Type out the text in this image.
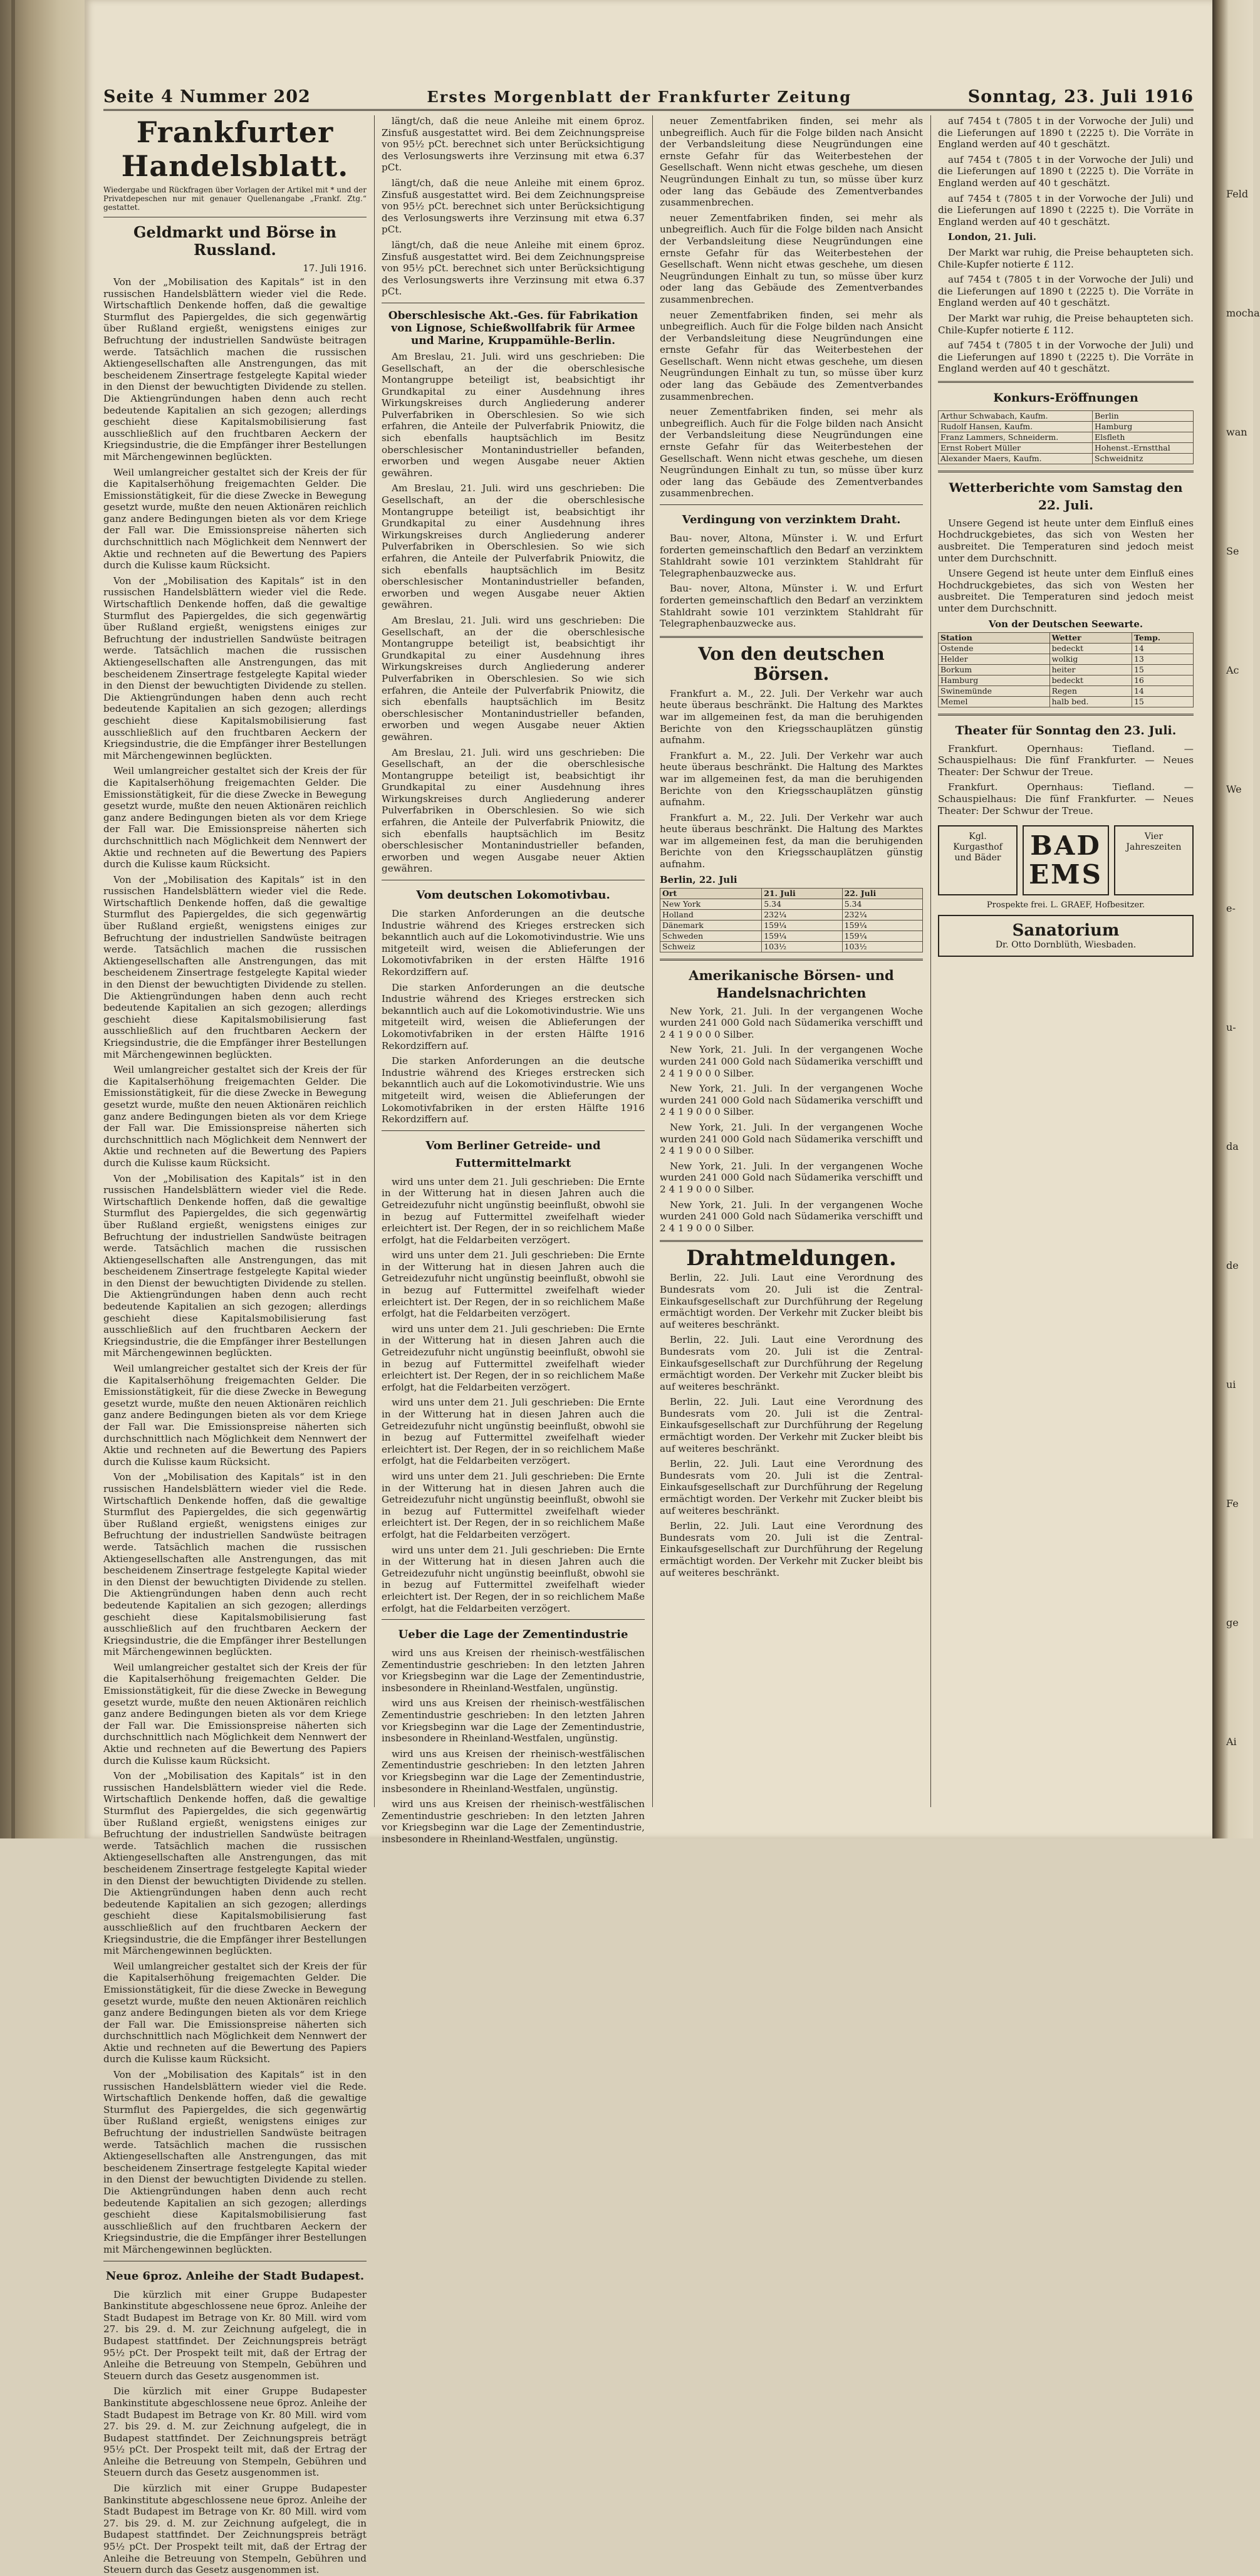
Seite 4 Nummer 202	Erstes Morgenblatt der Frankfurter Zeitung	Sonntag, 23. Juli 1916
Frankfurter Handelsblatt.
Wiedergabe und Rückfragen über Vorlagen der Artikel mit * und der Privatdepeschen nur mit genauer Quellenangabe „Frankf. Ztg.“ gestattet.
Geldmarkt und Börse in Russland.
17. Juli 1916.

Von der „Mobilisation des Kapitals“ ist in den russischen Handelsblättern wieder viel die Rede. Wirtschaftlich Denkende hoffen, daß die gewaltige Sturmflut des Papiergeldes, die sich gegenwärtig über Rußland ergießt, wenigstens einiges zur Befruchtung der industriellen Sandwüste beitragen werde. Tatsächlich machen die russischen Aktiengesellschaften alle Anstrengungen, das mit bescheidenem Zinsertrage festgelegte Kapital wieder in den Dienst der bewuchtigten Dividende zu stellen. Die Aktiengründungen haben denn auch recht bedeutende Kapitalien an sich gezogen; allerdings geschieht diese Kapitalsmobilisierung fast ausschließlich auf den fruchtbaren Aeckern der Kriegsindustrie, die die Empfänger ihrer Bestellungen mit Märchengewinnen beglückten.

Weil umlangreicher gestaltet sich der Kreis der für die Kapitalserhöhung freigemachten Gelder. Die Emissionstätigkeit, für die diese Zwecke in Bewegung gesetzt wurde, mußte den neuen Aktionären reichlich ganz andere Bedingungen bieten als vor dem Kriege der Fall war. Die Emissionspreise näherten sich durchschnittlich nach Möglichkeit dem Nennwert der Aktie und rechneten auf die Bewertung des Papiers durch die Kulisse kaum Rücksicht.

Von der „Mobilisation des Kapitals“ ist in den russischen Handelsblättern wieder viel die Rede. Wirtschaftlich Denkende hoffen, daß die gewaltige Sturmflut des Papiergeldes, die sich gegenwärtig über Rußland ergießt, wenigstens einiges zur Befruchtung der industriellen Sandwüste beitragen werde. Tatsächlich machen die russischen Aktiengesellschaften alle Anstrengungen, das mit bescheidenem Zinsertrage festgelegte Kapital wieder in den Dienst der bewuchtigten Dividende zu stellen. Die Aktiengründungen haben denn auch recht bedeutende Kapitalien an sich gezogen; allerdings geschieht diese Kapitalsmobilisierung fast ausschließlich auf den fruchtbaren Aeckern der Kriegsindustrie, die die Empfänger ihrer Bestellungen mit Märchengewinnen beglückten.

Weil umlangreicher gestaltet sich der Kreis der für die Kapitalserhöhung freigemachten Gelder. Die Emissionstätigkeit, für die diese Zwecke in Bewegung gesetzt wurde, mußte den neuen Aktionären reichlich ganz andere Bedingungen bieten als vor dem Kriege der Fall war. Die Emissionspreise näherten sich durchschnittlich nach Möglichkeit dem Nennwert der Aktie und rechneten auf die Bewertung des Papiers durch die Kulisse kaum Rücksicht.

Von der „Mobilisation des Kapitals“ ist in den russischen Handelsblättern wieder viel die Rede. Wirtschaftlich Denkende hoffen, daß die gewaltige Sturmflut des Papiergeldes, die sich gegenwärtig über Rußland ergießt, wenigstens einiges zur Befruchtung der industriellen Sandwüste beitragen werde. Tatsächlich machen die russischen Aktiengesellschaften alle Anstrengungen, das mit bescheidenem Zinsertrage festgelegte Kapital wieder in den Dienst der bewuchtigten Dividende zu stellen. Die Aktiengründungen haben denn auch recht bedeutende Kapitalien an sich gezogen; allerdings geschieht diese Kapitalsmobilisierung fast ausschließlich auf den fruchtbaren Aeckern der Kriegsindustrie, die die Empfänger ihrer Bestellungen mit Märchengewinnen beglückten.

Weil umlangreicher gestaltet sich der Kreis der für die Kapitalserhöhung freigemachten Gelder. Die Emissionstätigkeit, für die diese Zwecke in Bewegung gesetzt wurde, mußte den neuen Aktionären reichlich ganz andere Bedingungen bieten als vor dem Kriege der Fall war. Die Emissionspreise näherten sich durchschnittlich nach Möglichkeit dem Nennwert der Aktie und rechneten auf die Bewertung des Papiers durch die Kulisse kaum Rücksicht.

Von der „Mobilisation des Kapitals“ ist in den russischen Handelsblättern wieder viel die Rede. Wirtschaftlich Denkende hoffen, daß die gewaltige Sturmflut des Papiergeldes, die sich gegenwärtig über Rußland ergießt, wenigstens einiges zur Befruchtung der industriellen Sandwüste beitragen werde. Tatsächlich machen die russischen Aktiengesellschaften alle Anstrengungen, das mit bescheidenem Zinsertrage festgelegte Kapital wieder in den Dienst der bewuchtigten Dividende zu stellen. Die Aktiengründungen haben denn auch recht bedeutende Kapitalien an sich gezogen; allerdings geschieht diese Kapitalsmobilisierung fast ausschließlich auf den fruchtbaren Aeckern der Kriegsindustrie, die die Empfänger ihrer Bestellungen mit Märchengewinnen beglückten.

Weil umlangreicher gestaltet sich der Kreis der für die Kapitalserhöhung freigemachten Gelder. Die Emissionstätigkeit, für die diese Zwecke in Bewegung gesetzt wurde, mußte den neuen Aktionären reichlich ganz andere Bedingungen bieten als vor dem Kriege der Fall war. Die Emissionspreise näherten sich durchschnittlich nach Möglichkeit dem Nennwert der Aktie und rechneten auf die Bewertung des Papiers durch die Kulisse kaum Rücksicht.

Von der „Mobilisation des Kapitals“ ist in den russischen Handelsblättern wieder viel die Rede. Wirtschaftlich Denkende hoffen, daß die gewaltige Sturmflut des Papiergeldes, die sich gegenwärtig über Rußland ergießt, wenigstens einiges zur Befruchtung der industriellen Sandwüste beitragen werde. Tatsächlich machen die russischen Aktiengesellschaften alle Anstrengungen, das mit bescheidenem Zinsertrage festgelegte Kapital wieder in den Dienst der bewuchtigten Dividende zu stellen. Die Aktiengründungen haben denn auch recht bedeutende Kapitalien an sich gezogen; allerdings geschieht diese Kapitalsmobilisierung fast ausschließlich auf den fruchtbaren Aeckern der Kriegsindustrie, die die Empfänger ihrer Bestellungen mit Märchengewinnen beglückten.

Weil umlangreicher gestaltet sich der Kreis der für die Kapitalserhöhung freigemachten Gelder. Die Emissionstätigkeit, für die diese Zwecke in Bewegung gesetzt wurde, mußte den neuen Aktionären reichlich ganz andere Bedingungen bieten als vor dem Kriege der Fall war. Die Emissionspreise näherten sich durchschnittlich nach Möglichkeit dem Nennwert der Aktie und rechneten auf die Bewertung des Papiers durch die Kulisse kaum Rücksicht.

Von der „Mobilisation des Kapitals“ ist in den russischen Handelsblättern wieder viel die Rede. Wirtschaftlich Denkende hoffen, daß die gewaltige Sturmflut des Papiergeldes, die sich gegenwärtig über Rußland ergießt, wenigstens einiges zur Befruchtung der industriellen Sandwüste beitragen werde. Tatsächlich machen die russischen Aktiengesellschaften alle Anstrengungen, das mit bescheidenem Zinsertrage festgelegte Kapital wieder in den Dienst der bewuchtigten Dividende zu stellen. Die Aktiengründungen haben denn auch recht bedeutende Kapitalien an sich gezogen; allerdings geschieht diese Kapitalsmobilisierung fast ausschließlich auf den fruchtbaren Aeckern der Kriegsindustrie, die die Empfänger ihrer Bestellungen mit Märchengewinnen beglückten.

Weil umlangreicher gestaltet sich der Kreis der für die Kapitalserhöhung freigemachten Gelder. Die Emissionstätigkeit, für die diese Zwecke in Bewegung gesetzt wurde, mußte den neuen Aktionären reichlich ganz andere Bedingungen bieten als vor dem Kriege der Fall war. Die Emissionspreise näherten sich durchschnittlich nach Möglichkeit dem Nennwert der Aktie und rechneten auf die Bewertung des Papiers durch die Kulisse kaum Rücksicht.

Von der „Mobilisation des Kapitals“ ist in den russischen Handelsblättern wieder viel die Rede. Wirtschaftlich Denkende hoffen, daß die gewaltige Sturmflut des Papiergeldes, die sich gegenwärtig über Rußland ergießt, wenigstens einiges zur Befruchtung der industriellen Sandwüste beitragen werde. Tatsächlich machen die russischen Aktiengesellschaften alle Anstrengungen, das mit bescheidenem Zinsertrage festgelegte Kapital wieder in den Dienst der bewuchtigten Dividende zu stellen. Die Aktiengründungen haben denn auch recht bedeutende Kapitalien an sich gezogen; allerdings geschieht diese Kapitalsmobilisierung fast ausschließlich auf den fruchtbaren Aeckern der Kriegsindustrie, die die Empfänger ihrer Bestellungen mit Märchengewinnen beglückten.

Neue 6proz. Anleihe der Stadt Budapest.

Die kürzlich mit einer Gruppe Budapester Bankinstitute abgeschlossene neue 6proz. Anleihe der Stadt Budapest im Betrage von Kr. 80 Mill. wird vom 27. bis 29. d. M. zur Zeichnung aufgelegt, die in Budapest stattfindet. Der Zeichnungspreis beträgt 95½ pCt. Der Prospekt teilt mit, daß der Ertrag der Anleihe die Betreuung von Stempeln, Gebühren und Steuern durch das Gesetz ausgenommen ist.

Die kürzlich mit einer Gruppe Budapester Bankinstitute abgeschlossene neue 6proz. Anleihe der Stadt Budapest im Betrage von Kr. 80 Mill. wird vom 27. bis 29. d. M. zur Zeichnung aufgelegt, die in Budapest stattfindet. Der Zeichnungspreis beträgt 95½ pCt. Der Prospekt teilt mit, daß der Ertrag der Anleihe die Betreuung von Stempeln, Gebühren und Steuern durch das Gesetz ausgenommen ist.

Die kürzlich mit einer Gruppe Budapester Bankinstitute abgeschlossene neue 6proz. Anleihe der Stadt Budapest im Betrage von Kr. 80 Mill. wird vom 27. bis 29. d. M. zur Zeichnung aufgelegt, die in Budapest stattfindet. Der Zeichnungspreis beträgt 95½ pCt. Der Prospekt teilt mit, daß der Ertrag der Anleihe die Betreuung von Stempeln, Gebühren und Steuern durch das Gesetz ausgenommen ist.

längt/ch, daß die neue Anleihe mit einem 6proz. Zinsfuß ausgestattet wird. Bei dem Zeichnungspreise von 95½ pCt. berechnet sich unter Berücksichtigung des Verlosungswerts ihre Verzinsung mit etwa 6.37 pCt.

längt/ch, daß die neue Anleihe mit einem 6proz. Zinsfuß ausgestattet wird. Bei dem Zeichnungspreise von 95½ pCt. berechnet sich unter Berücksichtigung des Verlosungswerts ihre Verzinsung mit etwa 6.37 pCt.

längt/ch, daß die neue Anleihe mit einem 6proz. Zinsfuß ausgestattet wird. Bei dem Zeichnungspreise von 95½ pCt. berechnet sich unter Berücksichtigung des Verlosungswerts ihre Verzinsung mit etwa 6.37 pCt.

Oberschlesische Akt.-Ges. für Fabrikation von Lignose, Schießwollfabrik für Armee und Marine, Kruppamühle-Berlin.

Am Breslau, 21. Juli. wird uns geschrieben: Die Gesellschaft, an der die oberschlesische Montangruppe beteiligt ist, beabsichtigt ihr Grundkapital zu einer Ausdehnung ihres Wirkungskreises durch Angliederung anderer Pulverfabriken in Oberschlesien. So wie sich erfahren, die Anteile der Pulverfabrik Pniowitz, die sich ebenfalls hauptsächlich im Besitz oberschlesischer Montanindustrieller befanden, erworben und wegen Ausgabe neuer Aktien gewähren.

Am Breslau, 21. Juli. wird uns geschrieben: Die Gesellschaft, an der die oberschlesische Montangruppe beteiligt ist, beabsichtigt ihr Grundkapital zu einer Ausdehnung ihres Wirkungskreises durch Angliederung anderer Pulverfabriken in Oberschlesien. So wie sich erfahren, die Anteile der Pulverfabrik Pniowitz, die sich ebenfalls hauptsächlich im Besitz oberschlesischer Montanindustrieller befanden, erworben und wegen Ausgabe neuer Aktien gewähren.

Am Breslau, 21. Juli. wird uns geschrieben: Die Gesellschaft, an der die oberschlesische Montangruppe beteiligt ist, beabsichtigt ihr Grundkapital zu einer Ausdehnung ihres Wirkungskreises durch Angliederung anderer Pulverfabriken in Oberschlesien. So wie sich erfahren, die Anteile der Pulverfabrik Pniowitz, die sich ebenfalls hauptsächlich im Besitz oberschlesischer Montanindustrieller befanden, erworben und wegen Ausgabe neuer Aktien gewähren.

Am Breslau, 21. Juli. wird uns geschrieben: Die Gesellschaft, an der die oberschlesische Montangruppe beteiligt ist, beabsichtigt ihr Grundkapital zu einer Ausdehnung ihres Wirkungskreises durch Angliederung anderer Pulverfabriken in Oberschlesien. So wie sich erfahren, die Anteile der Pulverfabrik Pniowitz, die sich ebenfalls hauptsächlich im Besitz oberschlesischer Montanindustrieller befanden, erworben und wegen Ausgabe neuer Aktien gewähren.

Vom deutschen Lokomotivbau.

Die starken Anforderungen an die deutsche Industrie während des Krieges erstrecken sich bekanntlich auch auf die Lokomotivindustrie. Wie uns mitgeteilt wird, weisen die Ablieferungen der Lokomotivfabriken in der ersten Hälfte 1916 Rekordziffern auf.

Die starken Anforderungen an die deutsche Industrie während des Krieges erstrecken sich bekanntlich auch auf die Lokomotivindustrie. Wie uns mitgeteilt wird, weisen die Ablieferungen der Lokomotivfabriken in der ersten Hälfte 1916 Rekordziffern auf.

Die starken Anforderungen an die deutsche Industrie während des Krieges erstrecken sich bekanntlich auch auf die Lokomotivindustrie. Wie uns mitgeteilt wird, weisen die Ablieferungen der Lokomotivfabriken in der ersten Hälfte 1916 Rekordziffern auf.

Vom Berliner Getreide- und Futtermittelmarkt

wird uns unter dem 21. Juli geschrieben: Die Ernte in der Witterung hat in diesen Jahren auch die Getreidezufuhr nicht ungünstig beeinflußt, obwohl sie in bezug auf Futtermittel zweifelhaft wieder erleichtert ist. Der Regen, der in so reichlichem Maße erfolgt, hat die Feldarbeiten verzögert.

wird uns unter dem 21. Juli geschrieben: Die Ernte in der Witterung hat in diesen Jahren auch die Getreidezufuhr nicht ungünstig beeinflußt, obwohl sie in bezug auf Futtermittel zweifelhaft wieder erleichtert ist. Der Regen, der in so reichlichem Maße erfolgt, hat die Feldarbeiten verzögert.

wird uns unter dem 21. Juli geschrieben: Die Ernte in der Witterung hat in diesen Jahren auch die Getreidezufuhr nicht ungünstig beeinflußt, obwohl sie in bezug auf Futtermittel zweifelhaft wieder erleichtert ist. Der Regen, der in so reichlichem Maße erfolgt, hat die Feldarbeiten verzögert.

wird uns unter dem 21. Juli geschrieben: Die Ernte in der Witterung hat in diesen Jahren auch die Getreidezufuhr nicht ungünstig beeinflußt, obwohl sie in bezug auf Futtermittel zweifelhaft wieder erleichtert ist. Der Regen, der in so reichlichem Maße erfolgt, hat die Feldarbeiten verzögert.

wird uns unter dem 21. Juli geschrieben: Die Ernte in der Witterung hat in diesen Jahren auch die Getreidezufuhr nicht ungünstig beeinflußt, obwohl sie in bezug auf Futtermittel zweifelhaft wieder erleichtert ist. Der Regen, der in so reichlichem Maße erfolgt, hat die Feldarbeiten verzögert.

wird uns unter dem 21. Juli geschrieben: Die Ernte in der Witterung hat in diesen Jahren auch die Getreidezufuhr nicht ungünstig beeinflußt, obwohl sie in bezug auf Futtermittel zweifelhaft wieder erleichtert ist. Der Regen, der in so reichlichem Maße erfolgt, hat die Feldarbeiten verzögert.

Ueber die Lage der Zementindustrie

wird uns aus Kreisen der rheinisch-westfälischen Zementindustrie geschrieben: In den letzten Jahren vor Kriegsbeginn war die Lage der Zementindustrie, insbesondere in Rheinland-Westfalen, ungünstig.

wird uns aus Kreisen der rheinisch-westfälischen Zementindustrie geschrieben: In den letzten Jahren vor Kriegsbeginn war die Lage der Zementindustrie, insbesondere in Rheinland-Westfalen, ungünstig.

wird uns aus Kreisen der rheinisch-westfälischen Zementindustrie geschrieben: In den letzten Jahren vor Kriegsbeginn war die Lage der Zementindustrie, insbesondere in Rheinland-Westfalen, ungünstig.

wird uns aus Kreisen der rheinisch-westfälischen Zementindustrie geschrieben: In den letzten Jahren vor Kriegsbeginn war die Lage der Zementindustrie, insbesondere in Rheinland-Westfalen, ungünstig.

neuer Zementfabriken finden, sei mehr als unbegreiflich. Auch für die Folge bilden nach Ansicht der Verbandsleitung diese Neugründungen eine ernste Gefahr für das Weiterbestehen der Gesellschaft. Wenn nicht etwas geschehe, um diesen Neugründungen Einhalt zu tun, so müsse über kurz oder lang das Gebäude des Zementverbandes zusammenbrechen.

neuer Zementfabriken finden, sei mehr als unbegreiflich. Auch für die Folge bilden nach Ansicht der Verbandsleitung diese Neugründungen eine ernste Gefahr für das Weiterbestehen der Gesellschaft. Wenn nicht etwas geschehe, um diesen Neugründungen Einhalt zu tun, so müsse über kurz oder lang das Gebäude des Zementverbandes zusammenbrechen.

neuer Zementfabriken finden, sei mehr als unbegreiflich. Auch für die Folge bilden nach Ansicht der Verbandsleitung diese Neugründungen eine ernste Gefahr für das Weiterbestehen der Gesellschaft. Wenn nicht etwas geschehe, um diesen Neugründungen Einhalt zu tun, so müsse über kurz oder lang das Gebäude des Zementverbandes zusammenbrechen.

neuer Zementfabriken finden, sei mehr als unbegreiflich. Auch für die Folge bilden nach Ansicht der Verbandsleitung diese Neugründungen eine ernste Gefahr für das Weiterbestehen der Gesellschaft. Wenn nicht etwas geschehe, um diesen Neugründungen Einhalt zu tun, so müsse über kurz oder lang das Gebäude des Zementverbandes zusammenbrechen.

Verdingung von verzinktem Draht.

Bau- nover, Altona, Münster i. W. und Erfurt forderten gemeinschaftlich den Bedarf an verzinktem Stahldraht sowie 101 verzinktem Stahldraht für Telegraphenbauzwecke aus.

Bau- nover, Altona, Münster i. W. und Erfurt forderten gemeinschaftlich den Bedarf an verzinktem Stahldraht sowie 101 verzinktem Stahldraht für Telegraphenbauzwecke aus.

Von den deutschen Börsen.

Frankfurt a. M., 22. Juli. Der Verkehr war auch heute überaus beschränkt. Die Haltung des Marktes war im allgemeinen fest, da man die beruhigenden Berichte von den Kriegsschauplätzen günstig aufnahm.

Frankfurt a. M., 22. Juli. Der Verkehr war auch heute überaus beschränkt. Die Haltung des Marktes war im allgemeinen fest, da man die beruhigenden Berichte von den Kriegsschauplätzen günstig aufnahm.

Frankfurt a. M., 22. Juli. Der Verkehr war auch heute überaus beschränkt. Die Haltung des Marktes war im allgemeinen fest, da man die beruhigenden Berichte von den Kriegsschauplätzen günstig aufnahm.

Berlin, 22. Juli
Ort	21. Juli	22. Juli
New York	5.34	5.34
Holland	232¼	232¼
Dänemark	159¼	159¼
Schweden	159¼	159¼
Schweiz	103½	103½
Amerikanische Börsen- und Handelsnachrichten

New York, 21. Juli. In der vergangenen Woche wurden 241 000 Gold nach Südamerika verschifft und 2 4 1 9 0 0 0 Silber.

New York, 21. Juli. In der vergangenen Woche wurden 241 000 Gold nach Südamerika verschifft und 2 4 1 9 0 0 0 Silber.

New York, 21. Juli. In der vergangenen Woche wurden 241 000 Gold nach Südamerika verschifft und 2 4 1 9 0 0 0 Silber.

New York, 21. Juli. In der vergangenen Woche wurden 241 000 Gold nach Südamerika verschifft und 2 4 1 9 0 0 0 Silber.

New York, 21. Juli. In der vergangenen Woche wurden 241 000 Gold nach Südamerika verschifft und 2 4 1 9 0 0 0 Silber.

New York, 21. Juli. In der vergangenen Woche wurden 241 000 Gold nach Südamerika verschifft und 2 4 1 9 0 0 0 Silber.

Drahtmeldungen.

Berlin, 22. Juli. Laut eine Verordnung des Bundesrats vom 20. Juli ist die Zentral-Einkaufsgesellschaft zur Durchführung der Regelung ermächtigt worden. Der Verkehr mit Zucker bleibt bis auf weiteres beschränkt.

Berlin, 22. Juli. Laut eine Verordnung des Bundesrats vom 20. Juli ist die Zentral-Einkaufsgesellschaft zur Durchführung der Regelung ermächtigt worden. Der Verkehr mit Zucker bleibt bis auf weiteres beschränkt.

Berlin, 22. Juli. Laut eine Verordnung des Bundesrats vom 20. Juli ist die Zentral-Einkaufsgesellschaft zur Durchführung der Regelung ermächtigt worden. Der Verkehr mit Zucker bleibt bis auf weiteres beschränkt.

Berlin, 22. Juli. Laut eine Verordnung des Bundesrats vom 20. Juli ist die Zentral-Einkaufsgesellschaft zur Durchführung der Regelung ermächtigt worden. Der Verkehr mit Zucker bleibt bis auf weiteres beschränkt.

Berlin, 22. Juli. Laut eine Verordnung des Bundesrats vom 20. Juli ist die Zentral-Einkaufsgesellschaft zur Durchführung der Regelung ermächtigt worden. Der Verkehr mit Zucker bleibt bis auf weiteres beschränkt.

auf 7454 t (7805 t in der Vorwoche der Juli) und die Lieferungen auf 1890 t (2225 t). Die Vorräte in England werden auf 40 t geschätzt.

auf 7454 t (7805 t in der Vorwoche der Juli) und die Lieferungen auf 1890 t (2225 t). Die Vorräte in England werden auf 40 t geschätzt.

auf 7454 t (7805 t in der Vorwoche der Juli) und die Lieferungen auf 1890 t (2225 t). Die Vorräte in England werden auf 40 t geschätzt.

London, 21. Juli.

Der Markt war ruhig, die Preise behaupteten sich. Chile-Kupfer notierte £ 112.

auf 7454 t (7805 t in der Vorwoche der Juli) und die Lieferungen auf 1890 t (2225 t). Die Vorräte in England werden auf 40 t geschätzt.

Der Markt war ruhig, die Preise behaupteten sich. Chile-Kupfer notierte £ 112.

auf 7454 t (7805 t in der Vorwoche der Juli) und die Lieferungen auf 1890 t (2225 t). Die Vorräte in England werden auf 40 t geschätzt.

Konkurs-Eröffnungen
Arthur Schwabach, Kaufm.	Berlin
Rudolf Hansen, Kaufm.	Hamburg
Franz Lammers, Schneiderm.	Elsfleth
Ernst Robert Müller	Hohenst.-Ernstthal
Alexander Maers, Kaufm.	Schweidnitz
Wetterberichte vom Samstag den 22. Juli.

Unsere Gegend ist heute unter dem Einfluß eines Hochdruckgebietes, das sich von Westen her ausbreitet. Die Temperaturen sind jedoch meist unter dem Durchschnitt.

Unsere Gegend ist heute unter dem Einfluß eines Hochdruckgebietes, das sich von Westen her ausbreitet. Die Temperaturen sind jedoch meist unter dem Durchschnitt.

Von der Deutschen Seewarte.
Station	Wetter	Temp.
Ostende	bedeckt	14
Helder	wolkig	13
Borkum	heiter	15
Hamburg	bedeckt	16
Swinemünde	Regen	14
Memel	halb bed.	15
Theater für Sonntag den 23. Juli.

Frankfurt. Opernhaus: Tiefland. — Schauspielhaus: Die fünf Frankfurter. — Neues Theater: Der Schwur der Treue.

Frankfurt. Opernhaus: Tiefland. — Schauspielhaus: Die fünf Frankfurter. — Neues Theater: Der Schwur der Treue.

Kgl. Kurgasthof und Bäder	BAD EMS
Vier Jahreszeiten
Prospekte frei. L. GRAEF, Hofbesitzer.
Sanatorium
Dr. Otto Dornblüth, Wiesbaden.
Feld
mocha
wan
Se
Ac
We
e-
u-
da
de
ui
Fe
ge
Ai
